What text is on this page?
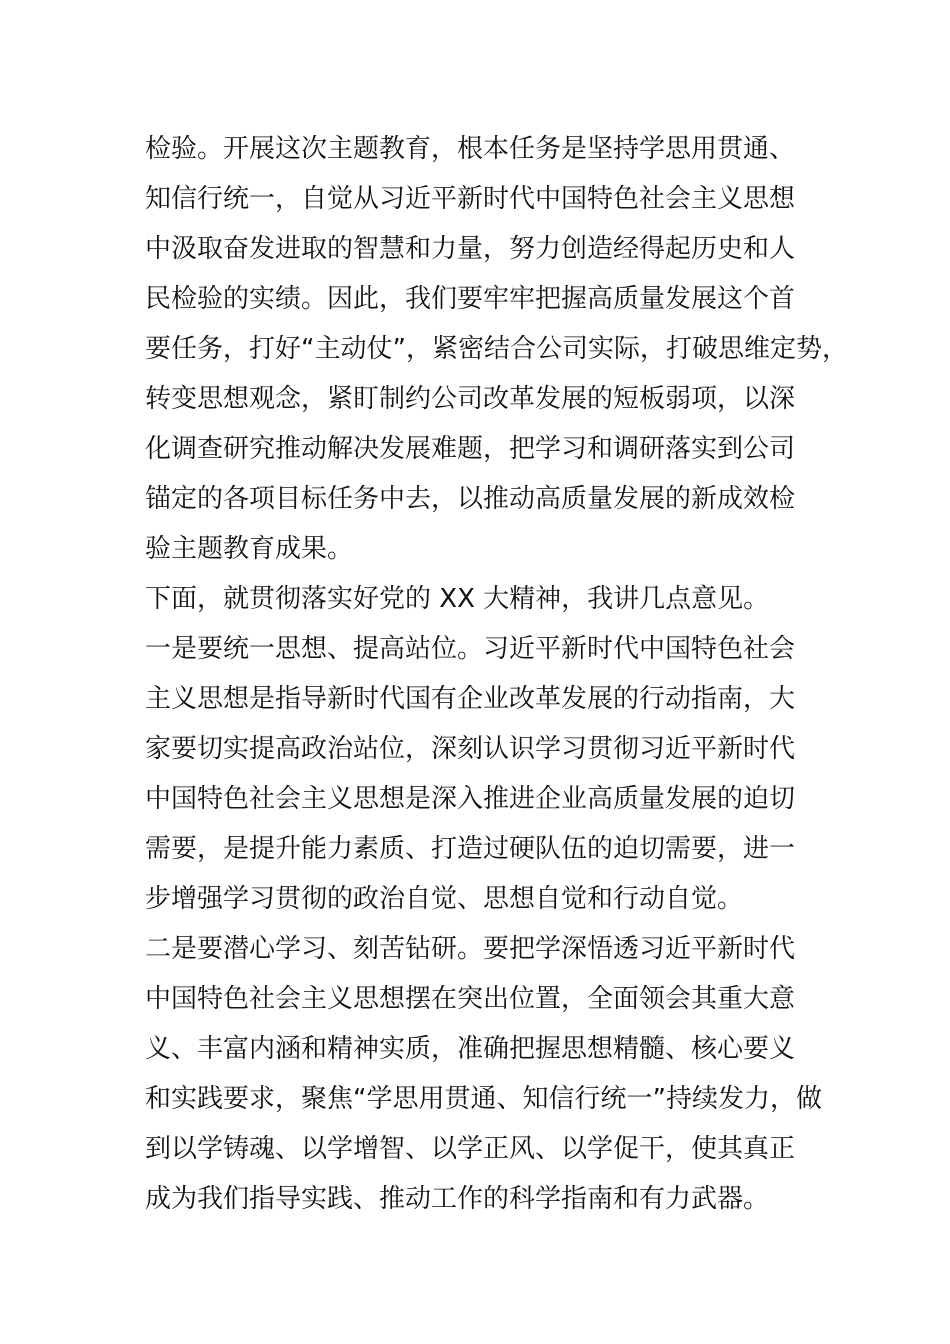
检验。开展这次主题教育，根本任务是坚持学思用贯通、
知信行统一，自觉从习近平新时代中国特色社会主义思想
中汲取奋发进取的智慧和力量，努力创造经得起历史和人
民检验的实绩。因此，我们要牢牢把握高质量发展这个首
要任务，打好“主动仗”，紧密结合公司实际，打破思维定势，
转变思想观念，紧盯制约公司改革发展的短板弱项，以深
化调查研究推动解决发展难题，把学习和调研落实到公司
锚定的各项目标任务中去，以推动高质量发展的新成效检
验主题教育成果。
下面，就贯彻落实好党的 XX 大精神，我讲几点意见。
一是要统一思想、提高站位。习近平新时代中国特色社会
主义思想是指导新时代国有企业改革发展的行动指南，大
家要切实提高政治站位，深刻认识学习贯彻习近平新时代
中国特色社会主义思想是深入推进企业高质量发展的迫切
需要，是提升能力素质、打造过硬队伍的迫切需要，进一
步增强学习贯彻的政治自觉、思想自觉和行动自觉。
二是要潜心学习、刻苦钻研。要把学深悟透习近平新时代
中国特色社会主义思想摆在突出位置，全面领会其重大意
义、丰富内涵和精神实质，准确把握思想精髓、核心要义
和实践要求，聚焦“学思用贯通、知信行统一”持续发力，做
到以学铸魂、以学增智、以学正风、以学促干，使其真正
成为我们指导实践、推动工作的科学指南和有力武器。
